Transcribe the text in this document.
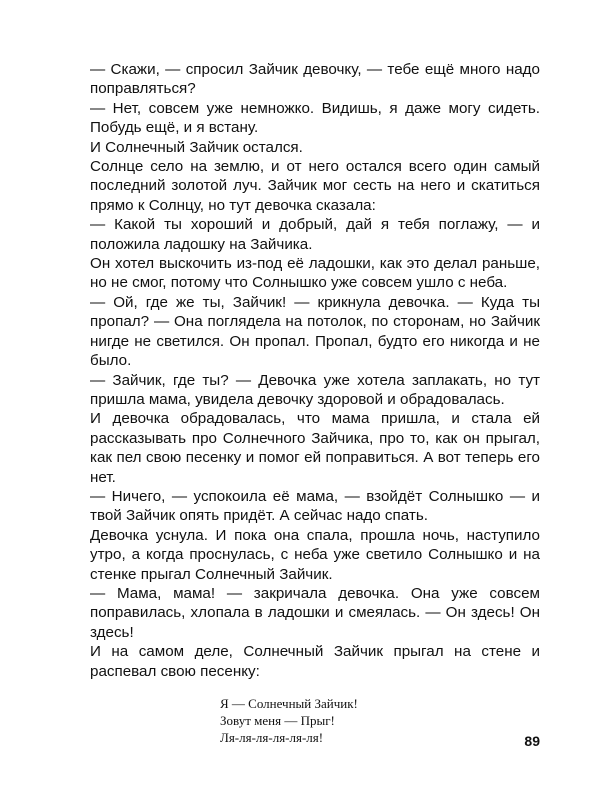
— Скажи, — спросил Зайчик девочку, — тебе ещё много надо поправляться?

— Нет, совсем уже немножко. Видишь, я даже могу сидеть. Побудь ещё, и я встану.

И Солнечный Зайчик остался.

Солнце село на землю, и от него остался всего один самый последний золотой луч. Зайчик мог сесть на него и скатиться прямо к Солнцу, но тут девочка сказала:

— Какой ты хороший и добрый, дай я тебя поглажу, — и положила ладошку на Зайчика.

Он хотел выскочить из-под её ладошки, как это делал раньше, но не смог, потому что Солнышко уже совсем ушло с неба.

— Ой, где же ты, Зайчик! — крикнула девочка. — Куда ты пропал? — Она поглядела на потолок, по сторонам, но Зайчик нигде не светился. Он пропал. Пропал, будто его никогда и не было.

— Зайчик, где ты? — Девочка уже хотела заплакать, но тут пришла мама, увидела девочку здоровой и обрадовалась.

И девочка обрадовалась, что мама пришла, и стала ей рассказывать про Солнечного Зайчика, про то, как он прыгал, как пел свою песенку и помог ей поправиться. А вот теперь его нет.

— Ничего, — успокоила её мама, — взойдёт Солнышко — и твой Зайчик опять придёт. А сейчас надо спать.

Девочка уснула. И пока она спала, прошла ночь, наступило утро, а когда проснулась, с неба уже светило Солнышко и на стенке прыгал Солнечный Зайчик.

— Мама, мама! — закричала девочка. Она уже совсем поправилась, хлопала в ладошки и смеялась. — Он здесь! Он здесь!

И на самом деле, Солнечный Зайчик прыгал на стене и распевал свою песенку:

Я — Солнечный Зайчик!
Зовут меня — Прыг!
Ля-ля-ля-ля-ля-ля!	89
